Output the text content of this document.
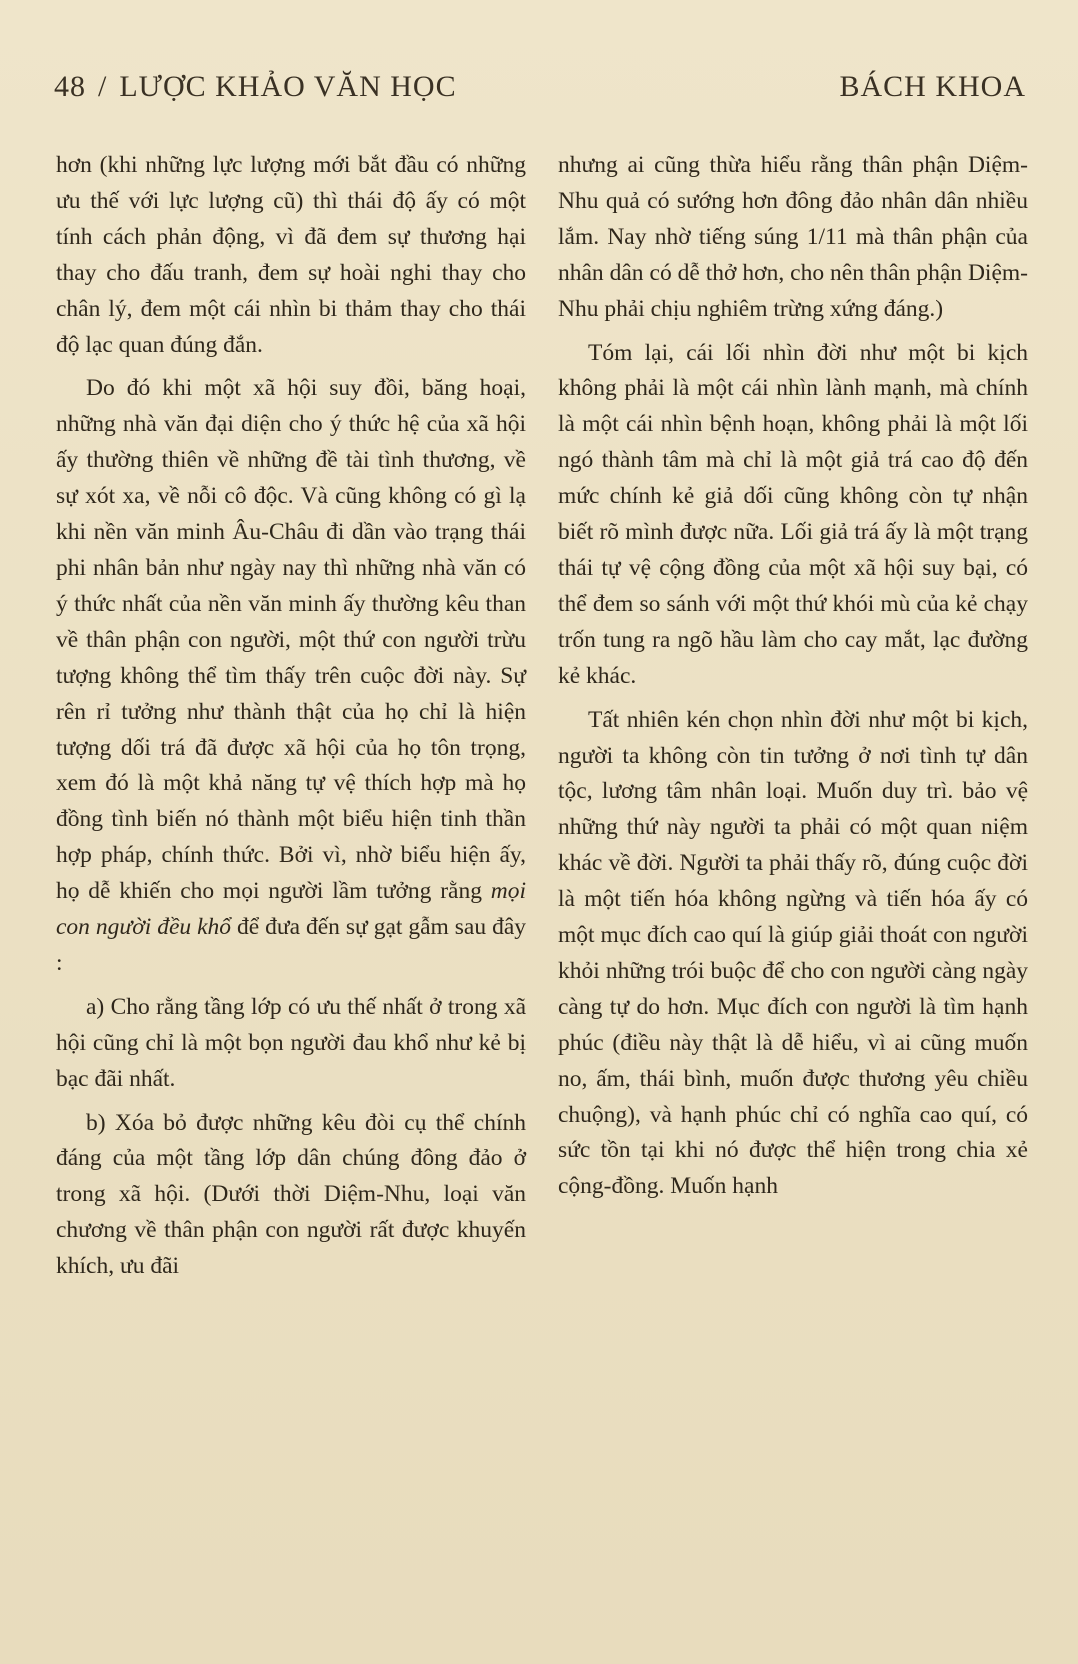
48 / LƯỢC KHẢO VĂN HỌC	BÁCH KHOA

hơn (khi những lực lượng mới bắt đầu có những ưu thế với lực lượng cũ) thì thái độ ấy có một tính cách phản động, vì đã đem sự thương hại thay cho đấu tranh, đem sự hoài nghi thay cho chân lý, đem một cái nhìn bi thảm thay cho thái độ lạc quan đúng đắn.

Do đó khi một xã hội suy đồi, băng hoại, những nhà văn đại diện cho ý thức hệ của xã hội ấy thường thiên về những đề tài tình thương, về sự xót xa, về nỗi cô độc. Và cũng không có gì lạ khi nền văn minh Âu-Châu đi dần vào trạng thái phi nhân bản như ngày nay thì những nhà văn có ý thức nhất của nền văn minh ấy thường kêu than về thân phận con người, một thứ con người trừu tượng không thể tìm thấy trên cuộc đời này. Sự rên rỉ tưởng như thành thật của họ chỉ là hiện tượng dối trá đã được xã hội của họ tôn trọng, xem đó là một khả năng tự vệ thích hợp mà họ đồng tình biến nó thành một biểu hiện tinh thần hợp pháp, chính thức. Bởi vì, nhờ biểu hiện ấy, họ dễ khiến cho mọi người lầm tưởng rằng mọi con người đều khổ để đưa đến sự gạt gẫm sau đây :

a) Cho rằng tầng lớp có ưu thế nhất ở trong xã hội cũng chỉ là một bọn người đau khổ như kẻ bị bạc đãi nhất.

b) Xóa bỏ được những kêu đòi cụ thể chính đáng của một tầng lớp dân chúng đông đảo ở trong xã hội. (Dưới thời Diệm-Nhu, loại văn chương về thân phận con người rất được khuyến khích, ưu đãi

nhưng ai cũng thừa hiểu rằng thân phận Diệm-Nhu quả có sướng hơn đông đảo nhân dân nhiều lắm. Nay nhờ tiếng súng 1/11 mà thân phận của nhân dân có dễ thở hơn, cho nên thân phận Diệm-Nhu phải chịu nghiêm trừng xứng đáng.)

Tóm lại, cái lối nhìn đời như một bi kịch không phải là một cái nhìn lành mạnh, mà chính là một cái nhìn bệnh hoạn, không phải là một lối ngó thành tâm mà chỉ là một giả trá cao độ đến mức chính kẻ giả dối cũng không còn tự nhận biết rõ mình được nữa. Lối giả trá ấy là một trạng thái tự vệ cộng đồng của một xã hội suy bại, có thể đem so sánh với một thứ khói mù của kẻ chạy trốn tung ra ngõ hầu làm cho cay mắt, lạc đường kẻ khác.

Tất nhiên kén chọn nhìn đời như một bi kịch, người ta không còn tin tưởng ở nơi tình tự dân tộc, lương tâm nhân loại. Muốn duy trì. bảo vệ những thứ này người ta phải có một quan niệm khác về đời. Người ta phải thấy rõ, đúng cuộc đời là một tiến hóa không ngừng và tiến hóa ấy có một mục đích cao quí là giúp giải thoát con người khỏi những trói buộc để cho con người càng ngày càng tự do hơn. Mục đích con người là tìm hạnh phúc (điều này thật là dễ hiểu, vì ai cũng muốn no, ấm, thái bình, muốn được thương yêu chiều chuộng), và hạnh phúc chỉ có nghĩa cao quí, có sức tồn tại khi nó được thể hiện trong chia xẻ cộng-đồng. Muốn hạnh
